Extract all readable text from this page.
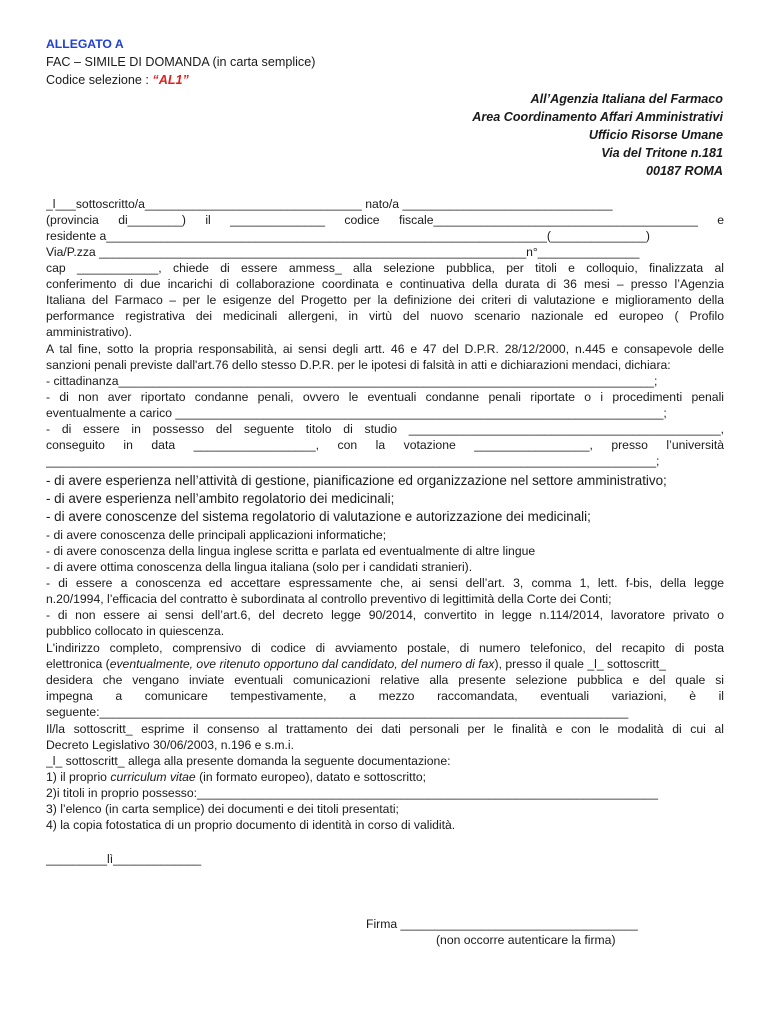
ALLEGATO A
FAC – SIMILE DI DOMANDA (in carta semplice)
Codice selezione : “AL1”
All’Agenzia Italiana del Farmaco
Area Coordinamento Affari Amministrativi
Ufficio Risorse Umane
Via del Tritone n.181
00187 ROMA
_l___sottoscritto/a________________________________ nato/a _______________________________
(provincia di________) il ______________ codice fiscale_______________________________________ e
residente a_________________________________________________________________(______________)
Via/P.zza _______________________________________________________________n°_______________
cap ____________, chiede di essere ammess_ alla selezione pubblica, per titoli e colloquio, finalizzata al
conferimento di due incarichi di collaborazione coordinata e continuativa della durata di 36 mesi – presso l’Agenzia
Italiana del Farmaco – per le esigenze del Progetto per la definizione dei criteri di valutazione e miglioramento della
performance registrativa dei medicinali allergeni, in virtù del nuovo scenario nazionale ed europeo ( Profilo
amministrativo).
A tal fine, sotto la propria responsabilità, ai sensi degli artt. 46 e 47 del D.P.R. 28/12/2000, n.445 e consapevole delle
sanzioni penali previste dall'art.76 dello stesso D.P.R. per le ipotesi di falsità in atti e dichiarazioni mendaci, dichiara:
- cittadinanza_______________________________________________________________________________;
- di non aver riportato condanne penali, ovvero le eventuali condanne penali riportate o i procedimenti penali
eventualmente a carico ________________________________________________________________________;
- di essere in possesso del seguente titolo di studio ______________________________________________,
conseguito in data __________________, con la votazione _________________, presso l’università
__________________________________________________________________________________________;
- di avere esperienza nell’attività di gestione, pianificazione ed organizzazione nel settore amministrativo;
- di avere esperienza nell’ambito regolatorio dei medicinali;
- di avere conoscenze del sistema regolatorio di valutazione e autorizzazione dei medicinali;
- di avere conoscenza delle principali applicazioni informatiche;
- di avere conoscenza della lingua inglese scritta e parlata ed eventualmente di altre lingue
- di avere ottima conoscenza della lingua italiana (solo per i candidati stranieri).
- di essere a conoscenza ed accettare espressamente che, ai sensi dell’art. 3, comma 1, lett. f-bis, della legge
n.20/1994, l’efficacia del contratto è subordinata al controllo preventivo di legittimità della Corte dei Conti;
- di non essere ai sensi dell’art.6, del decreto legge 90/2014, convertito in legge n.114/2014, lavoratore privato o
pubblico collocato in quiescenza.
L'indirizzo completo, comprensivo di codice di avviamento postale, di numero telefonico, del recapito di posta
elettronica (eventualmente, ove ritenuto opportuno dal candidato, del numero di fax), presso il quale _l_ sottoscritt_
desidera che vengano inviate eventuali comunicazioni relative alla presente selezione pubblica e del quale si
impegna a comunicare tempestivamente, a mezzo raccomandata, eventuali variazioni, è il
seguente:______________________________________________________________________________
Il/la sottoscritt_ esprime il consenso al trattamento dei dati personali per le finalità e con le modalità di cui al
Decreto Legislativo 30/06/2003, n.196 e s.m.i.
_l_ sottoscritt_ allega alla presente domanda la seguente documentazione:
1) il proprio curriculum vitae (in formato europeo), datato e sottoscritto;
2)i titoli in proprio possesso:____________________________________________________________________
3) l’elenco (in carta semplice) dei documenti e dei titoli presentati;
4) la copia fotostatica di un proprio documento di identità in corso di validità.
_________lì_____________
Firma ___________________________________
(non occorre autenticare la firma)
